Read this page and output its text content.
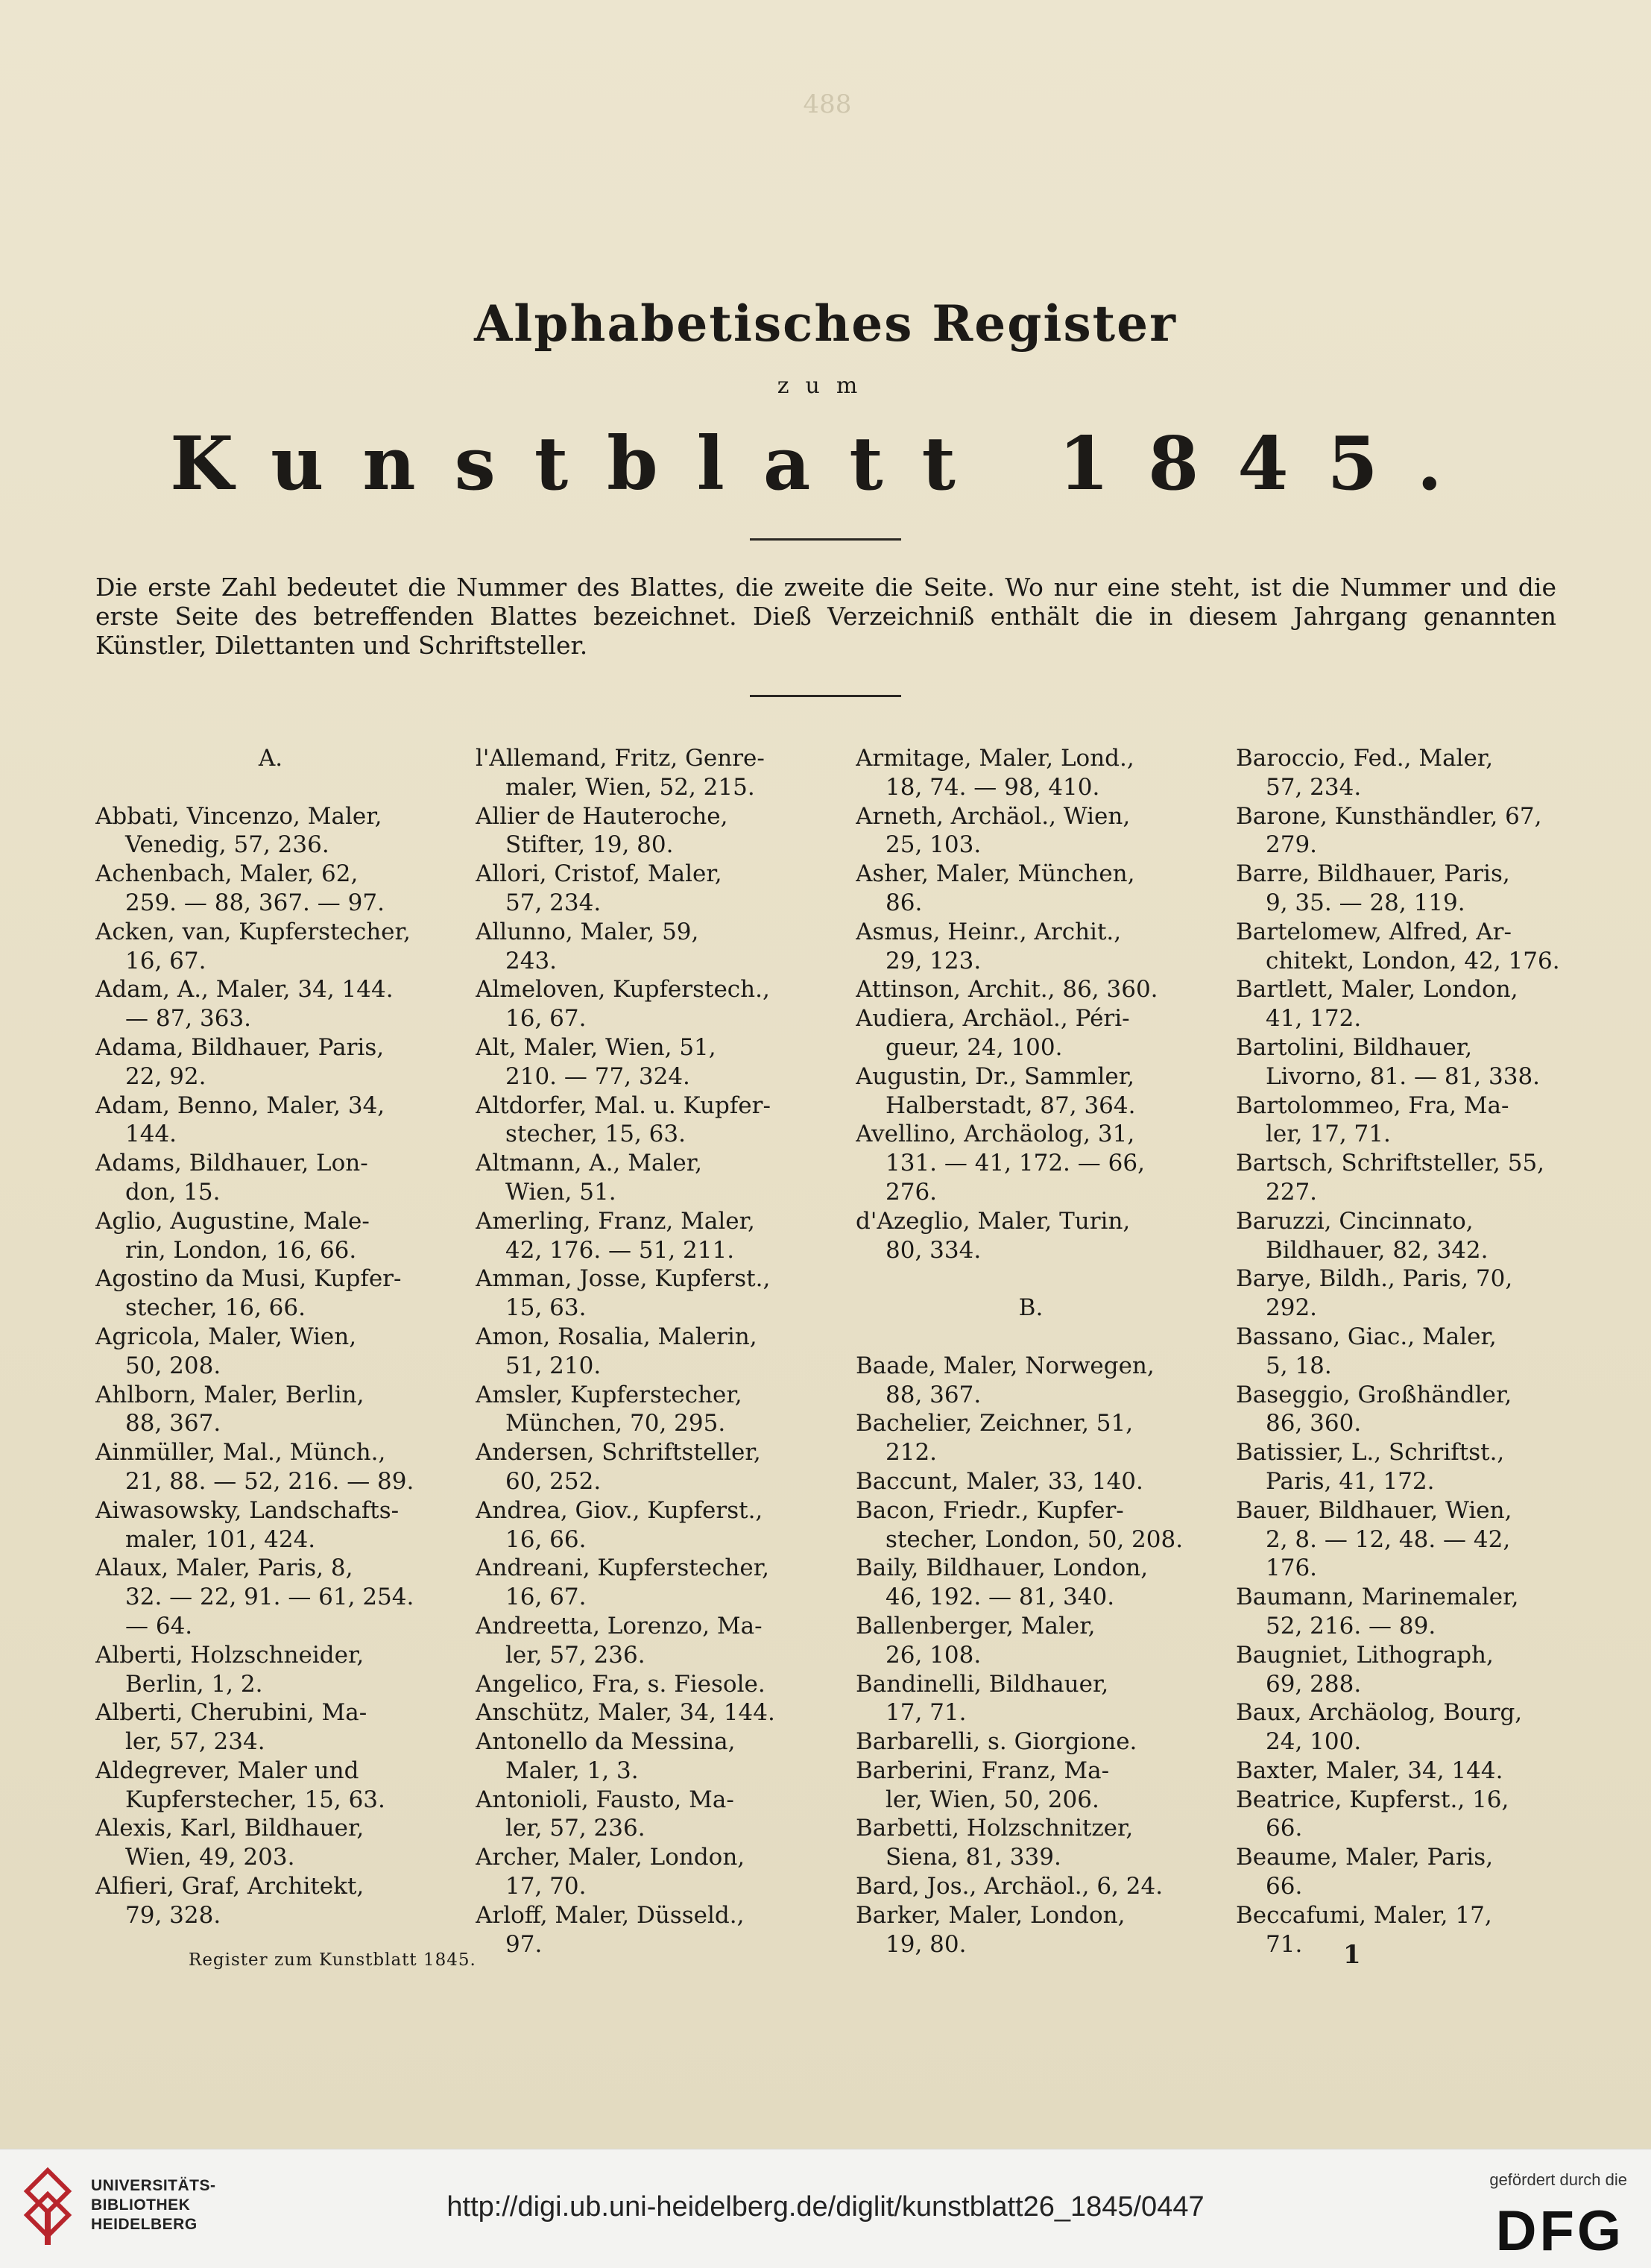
488
Alphabetisches Register
zum
Kunstblatt 1845.
Die erste Zahl bedeutet die Nummer des Blattes, die zweite die Seite. Wo nur eine steht, ist die Nummer und die erste Seite des betreffenden Blattes bezeichnet. Dieß Verzeichniß enthält die in diesem Jahrgang genannten Künstler, Dilettanten und Schriftsteller.
A.
Abbati, Vincenzo, Maler,
Venedig, 57, 236.
Achenbach, Maler, 62,
259. — 88, 367. — 97.
Acken, van, Kupferstecher,
16, 67.
Adam, A., Maler, 34, 144.
— 87, 363.
Adama, Bildhauer, Paris,
22, 92.
Adam, Benno, Maler, 34,
144.
Adams, Bildhauer, Lon-
don, 15.
Aglio, Augustine, Male-
rin, London, 16, 66.
Agostino da Musi, Kupfer-
stecher, 16, 66.
Agricola, Maler, Wien,
50, 208.
Ahlborn, Maler, Berlin,
88, 367.
Ainmüller, Mal., Münch.,
21, 88. — 52, 216. — 89.
Aiwasowsky, Landschafts-
maler, 101, 424.
Alaux, Maler, Paris, 8,
32. — 22, 91. — 61, 254.
— 64.
Alberti, Holzschneider,
Berlin, 1, 2.
Alberti, Cherubini, Ma-
ler, 57, 234.
Aldegrever, Maler und
Kupferstecher, 15, 63.
Alexis, Karl, Bildhauer,
Wien, 49, 203.
Alfieri, Graf, Architekt,
79, 328.
l'Allemand, Fritz, Genre-
maler, Wien, 52, 215.
Allier de Hauteroche,
Stifter, 19, 80.
Allori, Cristof, Maler,
57, 234.
Allunno, Maler, 59,
243.
Almeloven, Kupferstech.,
16, 67.
Alt, Maler, Wien, 51,
210. — 77, 324.
Altdorfer, Mal. u. Kupfer-
stecher, 15, 63.
Altmann, A., Maler,
Wien, 51.
Amerling, Franz, Maler,
42, 176. — 51, 211.
Amman, Josse, Kupferst.,
15, 63.
Amon, Rosalia, Malerin,
51, 210.
Amsler, Kupferstecher,
München, 70, 295.
Andersen, Schriftsteller,
60, 252.
Andrea, Giov., Kupferst.,
16, 66.
Andreani, Kupferstecher,
16, 67.
Andreetta, Lorenzo, Ma-
ler, 57, 236.
Angelico, Fra, s. Fiesole.
Anschütz, Maler, 34, 144.
Antonello da Messina,
Maler, 1, 3.
Antonioli, Fausto, Ma-
ler, 57, 236.
Archer, Maler, London,
17, 70.
Arloff, Maler, Düsseld.,
97.
Armitage, Maler, Lond.,
18, 74. — 98, 410.
Arneth, Archäol., Wien,
25, 103.
Asher, Maler, München,
86.
Asmus, Heinr., Archit.,
29, 123.
Attinson, Archit., 86, 360.
Audiera, Archäol., Péri-
gueur, 24, 100.
Augustin, Dr., Sammler,
Halberstadt, 87, 364.
Avellino, Archäolog, 31,
131. — 41, 172. — 66,
276.
d'Azeglio, Maler, Turin,
80, 334.
B.
Baade, Maler, Norwegen,
88, 367.
Bachelier, Zeichner, 51,
212.
Baccunt, Maler, 33, 140.
Bacon, Friedr., Kupfer-
stecher, London, 50, 208.
Baily, Bildhauer, London,
46, 192. — 81, 340.
Ballenberger, Maler,
26, 108.
Bandinelli, Bildhauer,
17, 71.
Barbarelli, s. Giorgione.
Barberini, Franz, Ma-
ler, Wien, 50, 206.
Barbetti, Holzschnitzer,
Siena, 81, 339.
Bard, Jos., Archäol., 6, 24.
Barker, Maler, London,
19, 80.
Baroccio, Fed., Maler,
57, 234.
Barone, Kunsthändler, 67,
279.
Barre, Bildhauer, Paris,
9, 35. — 28, 119.
Bartelomew, Alfred, Ar-
chitekt, London, 42, 176.
Bartlett, Maler, London,
41, 172.
Bartolini, Bildhauer,
Livorno, 81. — 81, 338.
Bartolommeo, Fra, Ma-
ler, 17, 71.
Bartsch, Schriftsteller, 55,
227.
Baruzzi, Cincinnato,
Bildhauer, 82, 342.
Barye, Bildh., Paris, 70,
292.
Bassano, Giac., Maler,
5, 18.
Baseggio, Großhändler,
86, 360.
Batissier, L., Schriftst.,
Paris, 41, 172.
Bauer, Bildhauer, Wien,
2, 8. — 12, 48. — 42,
176.
Baumann, Marinemaler,
52, 216. — 89.
Baugniet, Lithograph,
69, 288.
Baux, Archäolog, Bourg,
24, 100.
Baxter, Maler, 34, 144.
Beatrice, Kupferst., 16,
66.
Beaume, Maler, Paris,
66.
Beccafumi, Maler, 17,
71.
Register zum Kunstblatt 1845.	1
UNIVERSITÄTS-
BIBLIOTHEK
HEIDELBERG
http://digi.ub.uni-heidelberg.de/diglit/kunstblatt26_1845/0447
gefördert durch die
DFG
